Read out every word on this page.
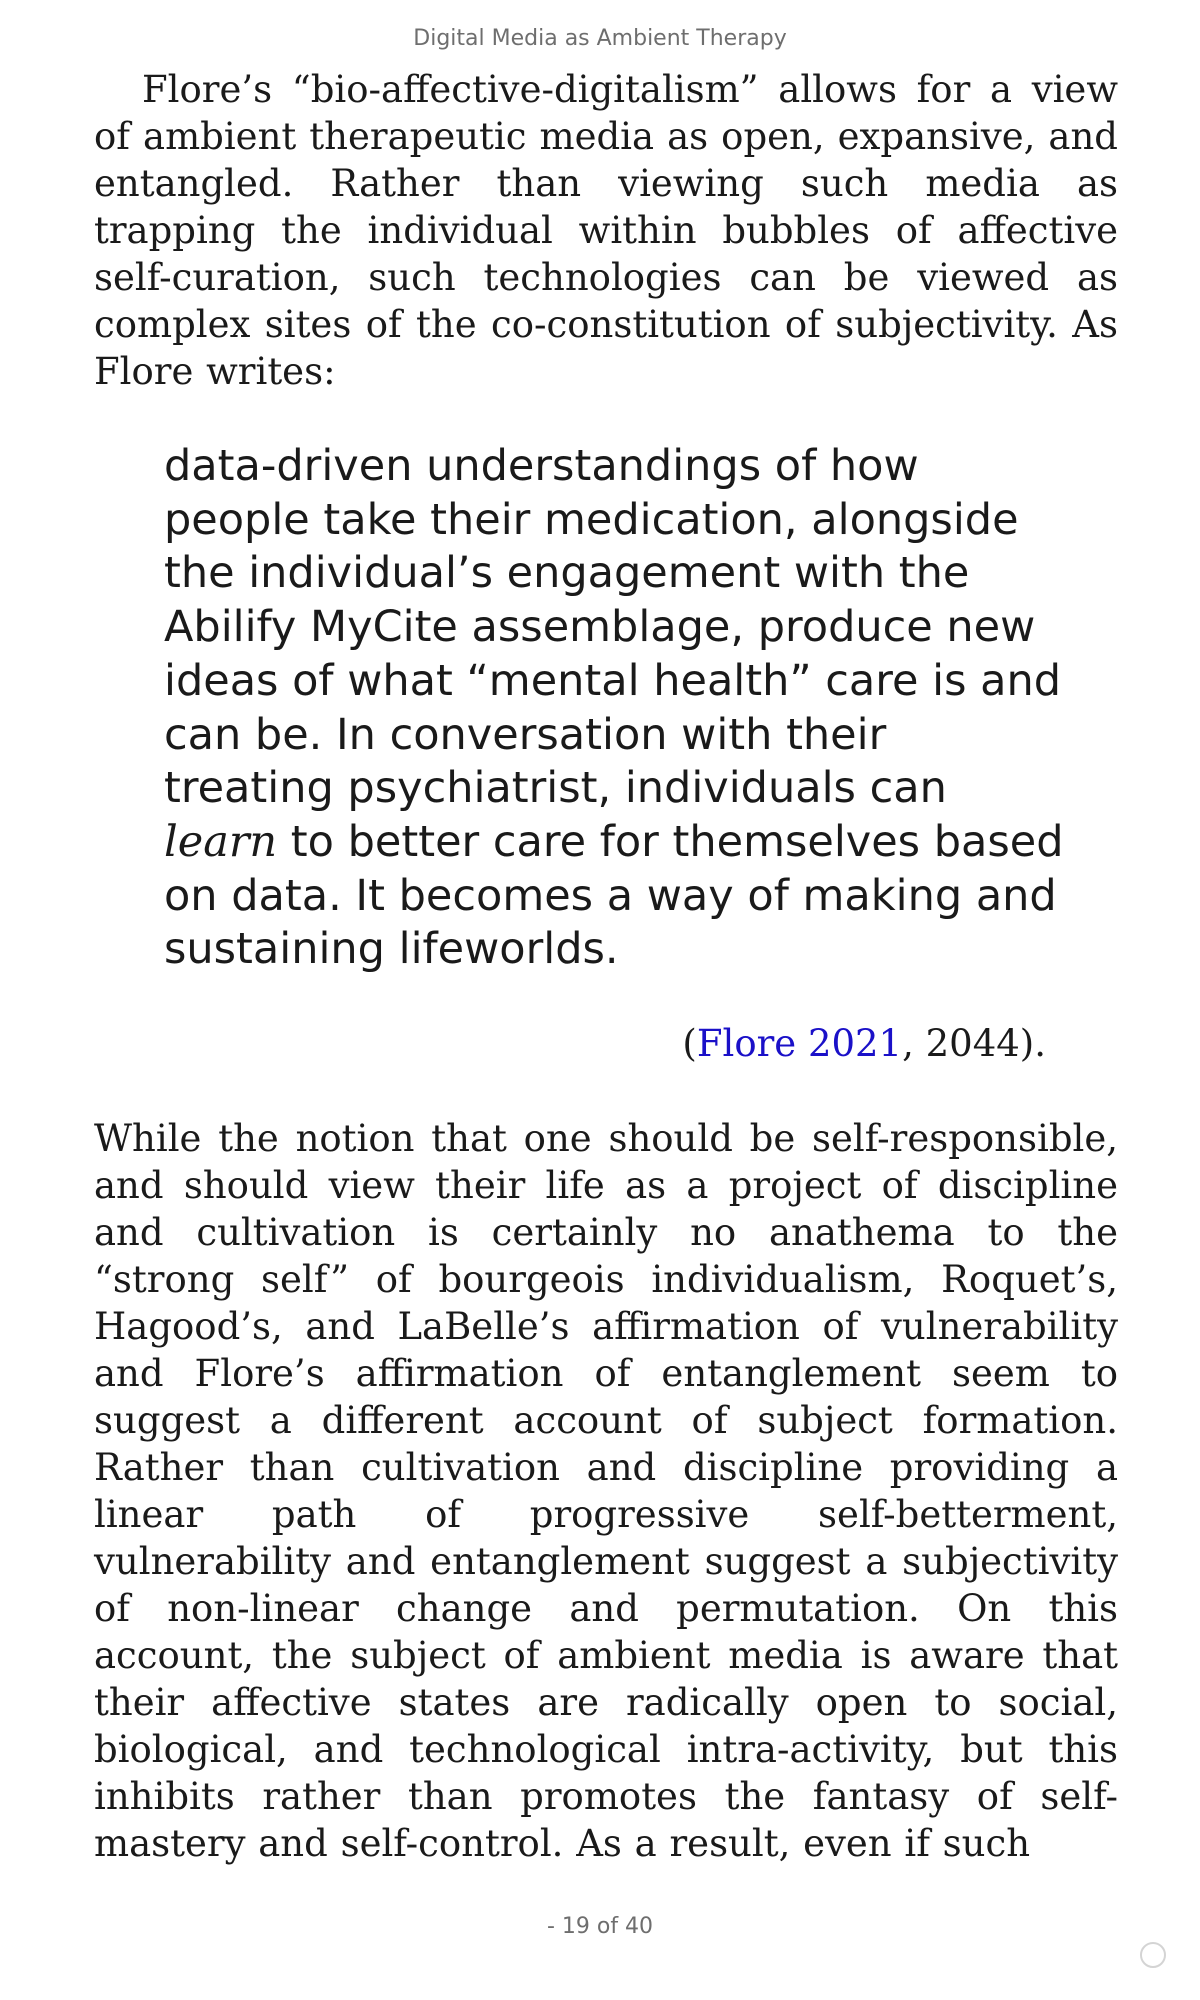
Digital Media as Ambient Therapy

Flore’s “bio-affective-digitalism” allows for a view of ambient therapeutic media as open, expansive, and entangled. Rather than viewing such media as trapping the individual within bubbles of affective self-curation, such technologies can be viewed as complex sites of the co-constitution of subjectivity. As Flore writes:

data-driven understandings of how people take their medication, alongside the individual’s engagement with the Abilify MyCite assemblage, produce new ideas of what “mental health” care is and can be. In conversation with their treating psychiatrist, individuals can learn to better care for themselves based on data. It becomes a way of making and sustaining lifeworlds.

(Flore 2021, 2044).

While the notion that one should be self-responsible, and should view their life as a project of discipline and cultivation is certainly no anathema to the “strong self” of bourgeois individualism, Roquet’s, Hagood’s, and LaBelle’s affirmation of vulnerability and Flore’s affirmation of entanglement seem to suggest a different account of subject formation. Rather than cultivation and discipline providing a linear path of progressive self-betterment, vulnerability and entanglement suggest a subjectivity of non-linear change and permutation. On this account, the subject of ambient media is aware that their affective states are radically open to social, biological, and technological intra-activity, but this inhibits rather than promotes the fantasy of self-mastery and self-control. As a result, even if such

- 19 of 40
